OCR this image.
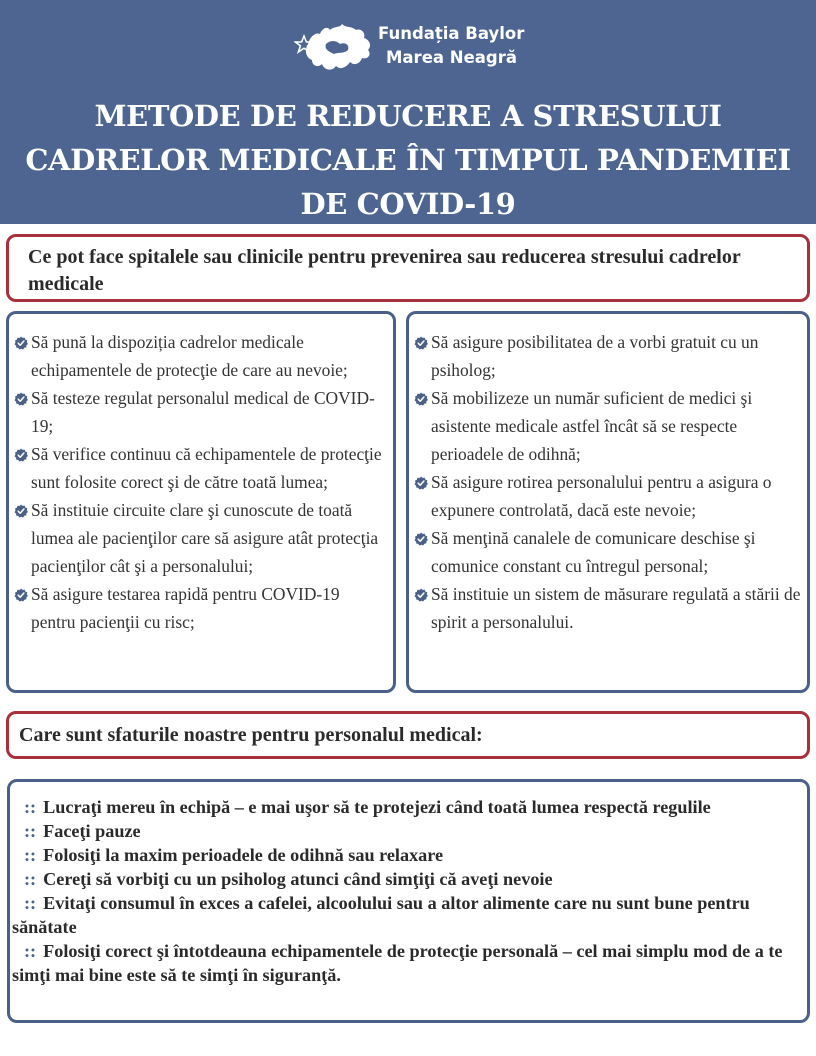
Fundația Baylor
Marea Neagră
METODE DE REDUCERE A STRESULUI CADRELOR MEDICALE ÎN TIMPUL PANDEMIEI DE COVID-19

Ce pot face spitalele sau clinicile pentru prevenirea sau reducerea stresului cadrelor medicale

Să pună la dispoziția cadrelor medicale echipamentele de protecţie de care au nevoie;
Să testeze regulat personalul medical de COVID-19;
Să verifice continuu că echipamentele de protecţie sunt folosite corect şi de către toată lumea;
Să instituie circuite clare şi cunoscute de toată lumea ale pacienţilor care să asigure atât protecţia pacienţilor cât şi a personalului;
Să asigure testarea rapidă pentru COVID-19 pentru pacienţii cu risc;
Să asigure posibilitatea de a vorbi gratuit cu un psiholog;
Să mobilizeze un număr suficient de medici şi asistente medicale astfel încât să se respecte perioadele de odihnă;
Să asigure rotirea personalului pentru a asigura o expunere controlată, dacă este nevoie;
Să menţină canalele de comunicare deschise şi comunice constant cu întregul personal;
Să instituie un sistem de măsurare regulată a stării de spirit a personalului.

Care sunt sfaturile noastre pentru personalul medical:

:: Lucraţi mereu în echipă – e mai uşor să te protejezi când toată lumea respectă regulile
:: Faceţi pauze
:: Folosiţi la maxim perioadele de odihnă sau relaxare
:: Cereţi să vorbiţi cu un psiholog atunci când simţiţi că aveţi nevoie
:: Evitaţi consumul în exces a cafelei, alcoolului sau a altor alimente care nu sunt bune pentru sănătate
:: Folosiţi corect şi întotdeauna echipamentele de protecţie personală – cel mai simplu mod de a te simţi mai bine este să te simţi în siguranţă.
